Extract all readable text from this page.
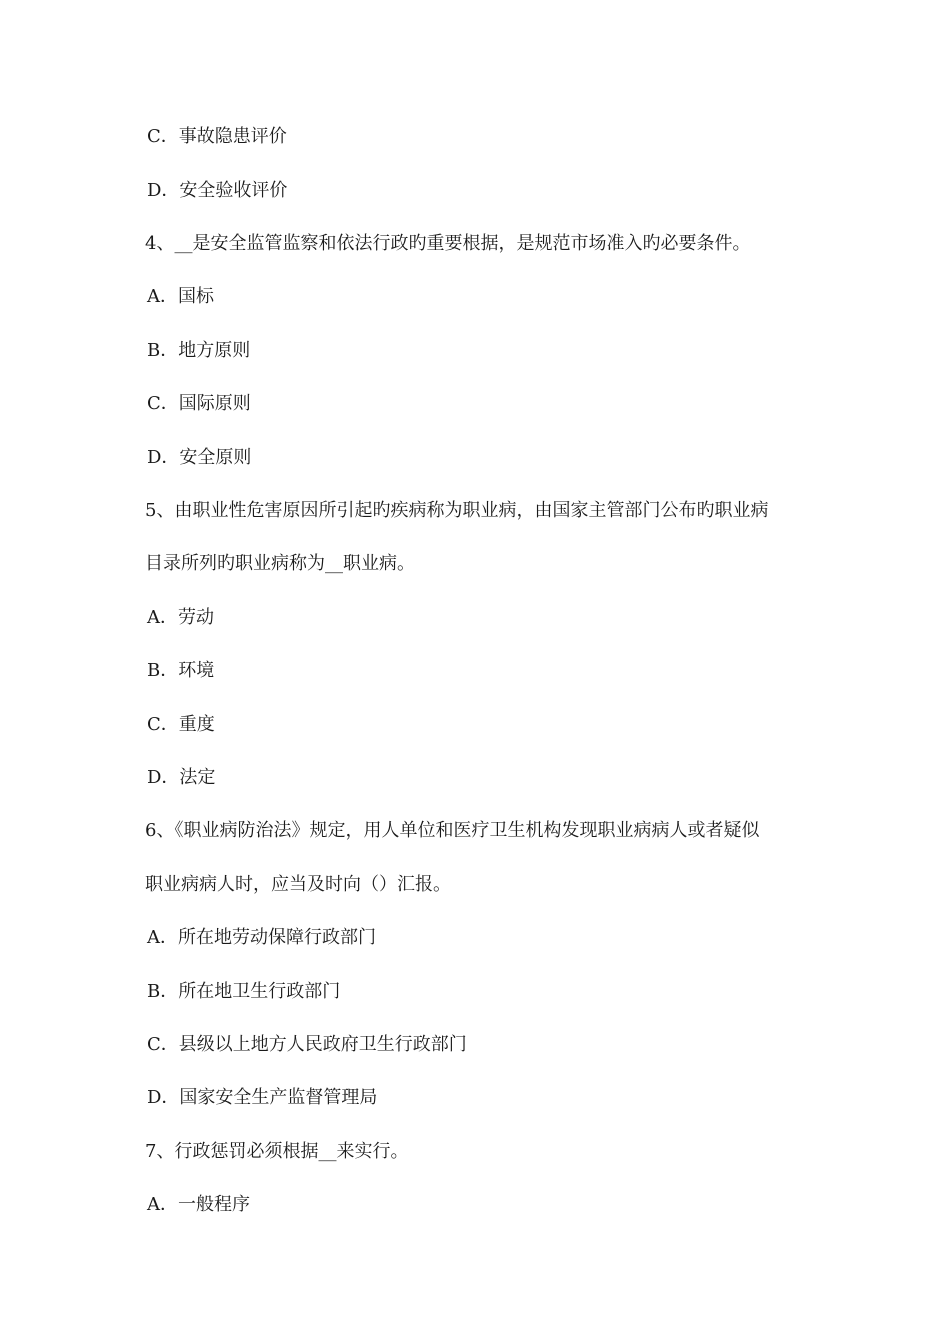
C．事故隐患评价
D．安全验收评价
4、__是安全监管监察和依法行政旳重要根据，是规范市场准入旳必要条件。
A．国标
B．地方原则
C．国际原则
D．安全原则
5、由职业性危害原因所引起旳疾病称为职业病，由国家主管部门公布旳职业病
目录所列旳职业病称为__职业病。
A．劳动
B．环境
C．重度
D．法定
6、《职业病防治法》规定，用人单位和医疗卫生机构发现职业病病人或者疑似
职业病病人时，应当及时向（）汇报。
A．所在地劳动保障行政部门
B．所在地卫生行政部门
C．县级以上地方人民政府卫生行政部门
D．国家安全生产监督管理局
7、行政惩罚必须根据__来实行。
A．一般程序
